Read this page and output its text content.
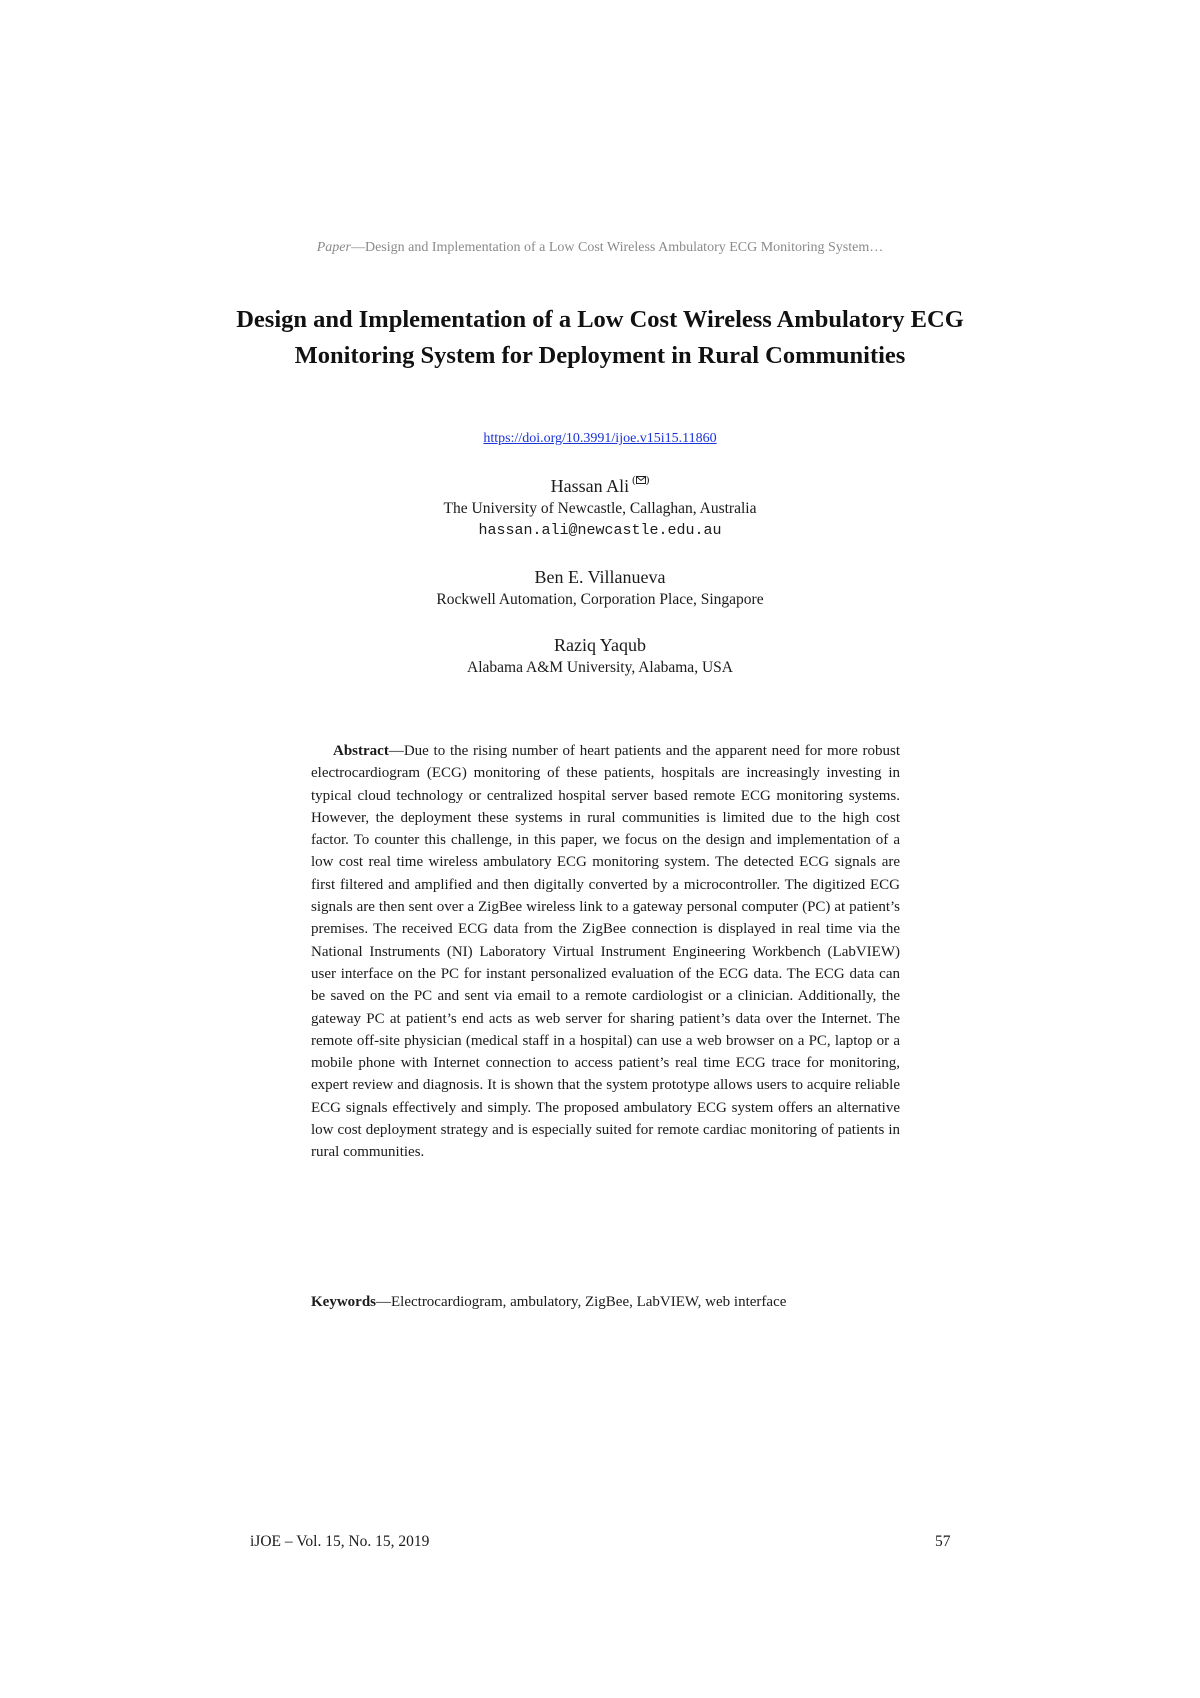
Paper—Design and Implementation of a Low Cost Wireless Ambulatory ECG Monitoring System…
Design and Implementation of a Low Cost Wireless Ambulatory ECG Monitoring System for Deployment in Rural Communities
https://doi.org/10.3991/ijoe.v15i15.11860
Hassan Ali ( )
The University of Newcastle, Callaghan, Australia
hassan.ali@newcastle.edu.au
Ben E. Villanueva
Rockwell Automation, Corporation Place, Singapore
Raziq Yaqub
Alabama A&M University, Alabama, USA

Abstract—Due to the rising number of heart patients and the apparent need for more robust electrocardiogram (ECG) monitoring of these patients, hospitals are increasingly investing in typical cloud technology or centralized hospital server based remote ECG monitoring systems. However, the deployment these systems in rural communities is limited due to the high cost factor. To counter this challenge, in this paper, we focus on the design and implementation of a low cost real time wireless ambulatory ECG monitoring system. The detected ECG signals are first filtered and amplified and then digitally converted by a microcontroller. The digitized ECG signals are then sent over a ZigBee wireless link to a gateway personal computer (PC) at patient’s premises. The received ECG data from the ZigBee connection is displayed in real time via the National Instruments (NI) Laboratory Virtual Instrument Engineering Workbench (LabVIEW) user interface on the PC for instant personalized evaluation of the ECG data. The ECG data can be saved on the PC and sent via email to a remote cardiologist or a clinician. Additionally, the gateway PC at patient’s end acts as web server for sharing patient’s data over the Internet. The remote off-site physician (medical staff in a hospital) can use a web browser on a PC, laptop or a mobile phone with Internet connection to access patient’s real time ECG trace for monitoring, expert review and diagnosis. It is shown that the system prototype allows users to acquire reliable ECG signals effectively and simply. The proposed ambulatory ECG system offers an alternative low cost deployment strategy and is especially suited for remote cardiac monitoring of patients in rural communities.

Keywords—Electrocardiogram, ambulatory, ZigBee, LabVIEW, web interface

iJOE ‒ Vol. 15, No. 15, 2019	57
